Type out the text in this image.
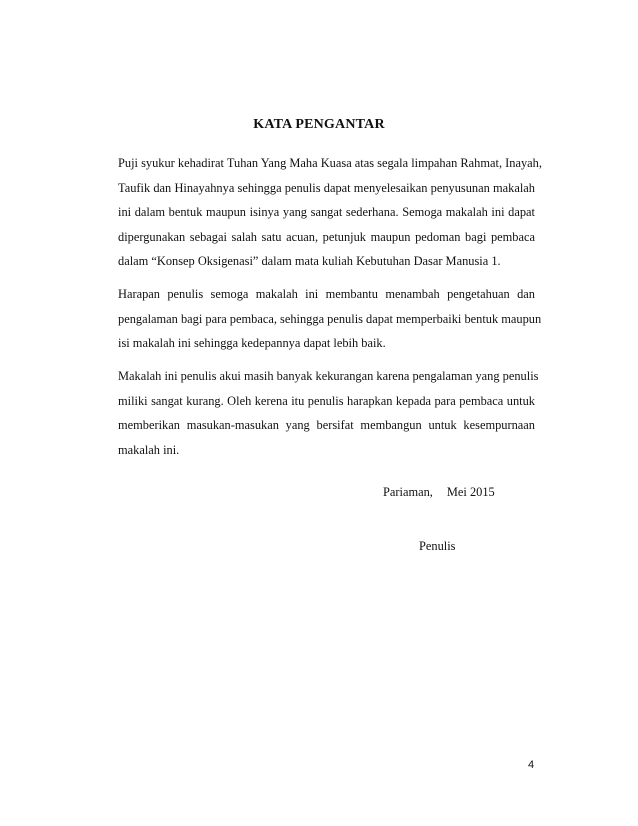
KATA PENGANTAR
Puji syukur kehadirat Tuhan Yang Maha Kuasa atas segala limpahan Rahmat, Inayah,
Taufik dan Hinayahnya sehingga penulis dapat menyelesaikan penyusunan makalah
ini dalam bentuk maupun isinya yang sangat sederhana. Semoga makalah ini dapat
dipergunakan sebagai salah satu acuan, petunjuk maupun pedoman bagi pembaca
dalam “Konsep Oksigenasi” dalam mata kuliah Kebutuhan Dasar Manusia 1.
Harapan penulis semoga makalah ini membantu menambah pengetahuan dan
pengalaman bagi para pembaca, sehingga penulis dapat memperbaiki bentuk maupun
isi makalah ini sehingga kedepannya dapat lebih baik.
Makalah ini penulis akui masih banyak kekurangan karena pengalaman yang penulis
miliki sangat kurang. Oleh kerena itu penulis harapkan kepada para pembaca untuk
memberikan masukan-masukan yang bersifat membangun untuk kesempurnaan
makalah ini.
Pariaman, Mei 2015
Penulis
4
